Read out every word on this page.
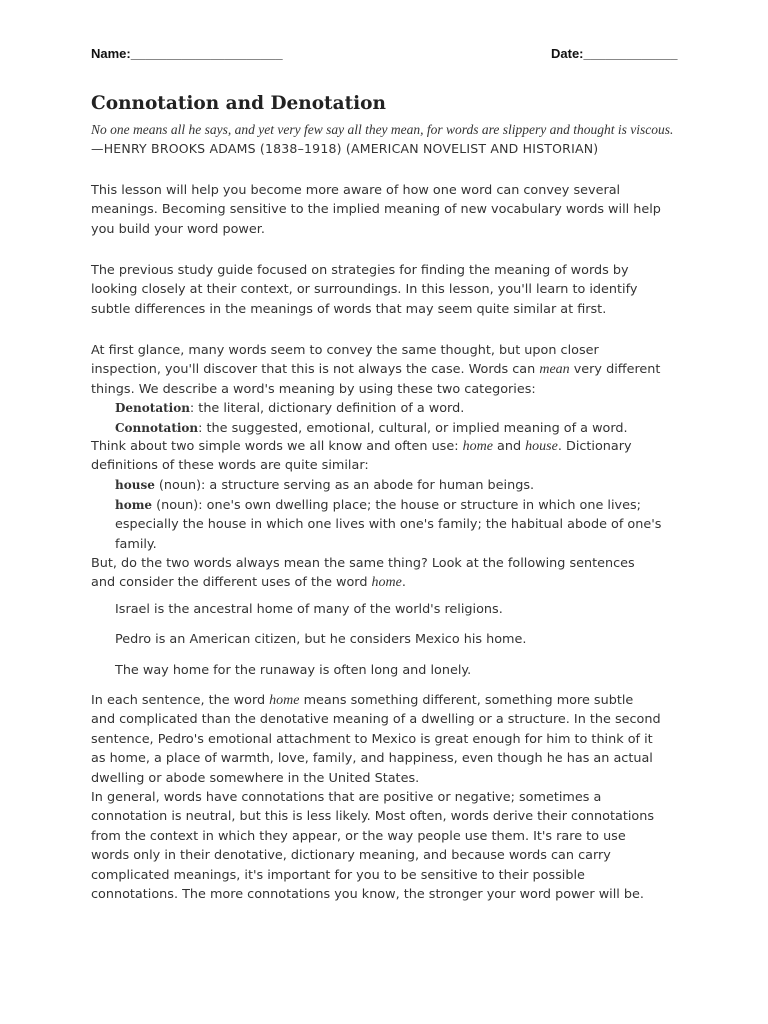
Name:_____________________	Date:_____________
Connotation and Denotation
No one means all he says, and yet very few say all they mean, for words are slippery and thought is viscous.
—HENRY BROOKS ADAMS (1838–1918) (AMERICAN NOVELIST AND HISTORIAN)
This lesson will help you become more aware of how one word can convey several meanings. Becoming sensitive to the implied meaning of new vocabulary words will help you build your word power.
The previous study guide focused on strategies for finding the meaning of words by looking closely at their context, or surroundings. In this lesson, you'll learn to identify subtle differences in the meanings of words that may seem quite similar at first.
At first glance, many words seem to convey the same thought, but upon closer inspection, you'll discover that this is not always the case. Words can mean very different things. We describe a word's meaning by using these two categories:
Denotation: the literal, dictionary definition of a word.
Connotation: the suggested, emotional, cultural, or implied meaning of a word.
Think about two simple words we all know and often use: home and house. Dictionary definitions of these words are quite similar:
house (noun): a structure serving as an abode for human beings.
home (noun): one's own dwelling place; the house or structure in which one lives; especially the house in which one lives with one's family; the habitual abode of one's family.
But, do the two words always mean the same thing? Look at the following sentences and consider the different uses of the word home.
Israel is the ancestral home of many of the world's religions.
Pedro is an American citizen, but he considers Mexico his home.
The way home for the runaway is often long and lonely.
In each sentence, the word home means something different, something more subtle and complicated than the denotative meaning of a dwelling or a structure. In the second sentence, Pedro's emotional attachment to Mexico is great enough for him to think of it as home, a place of warmth, love, family, and happiness, even though he has an actual dwelling or abode somewhere in the United States.
In general, words have connotations that are positive or negative; sometimes a connotation is neutral, but this is less likely. Most often, words derive their connotations from the context in which they appear, or the way people use them. It's rare to use words only in their denotative, dictionary meaning, and because words can carry complicated meanings, it's important for you to be sensitive to their possible connotations. The more connotations you know, the stronger your word power will be.
